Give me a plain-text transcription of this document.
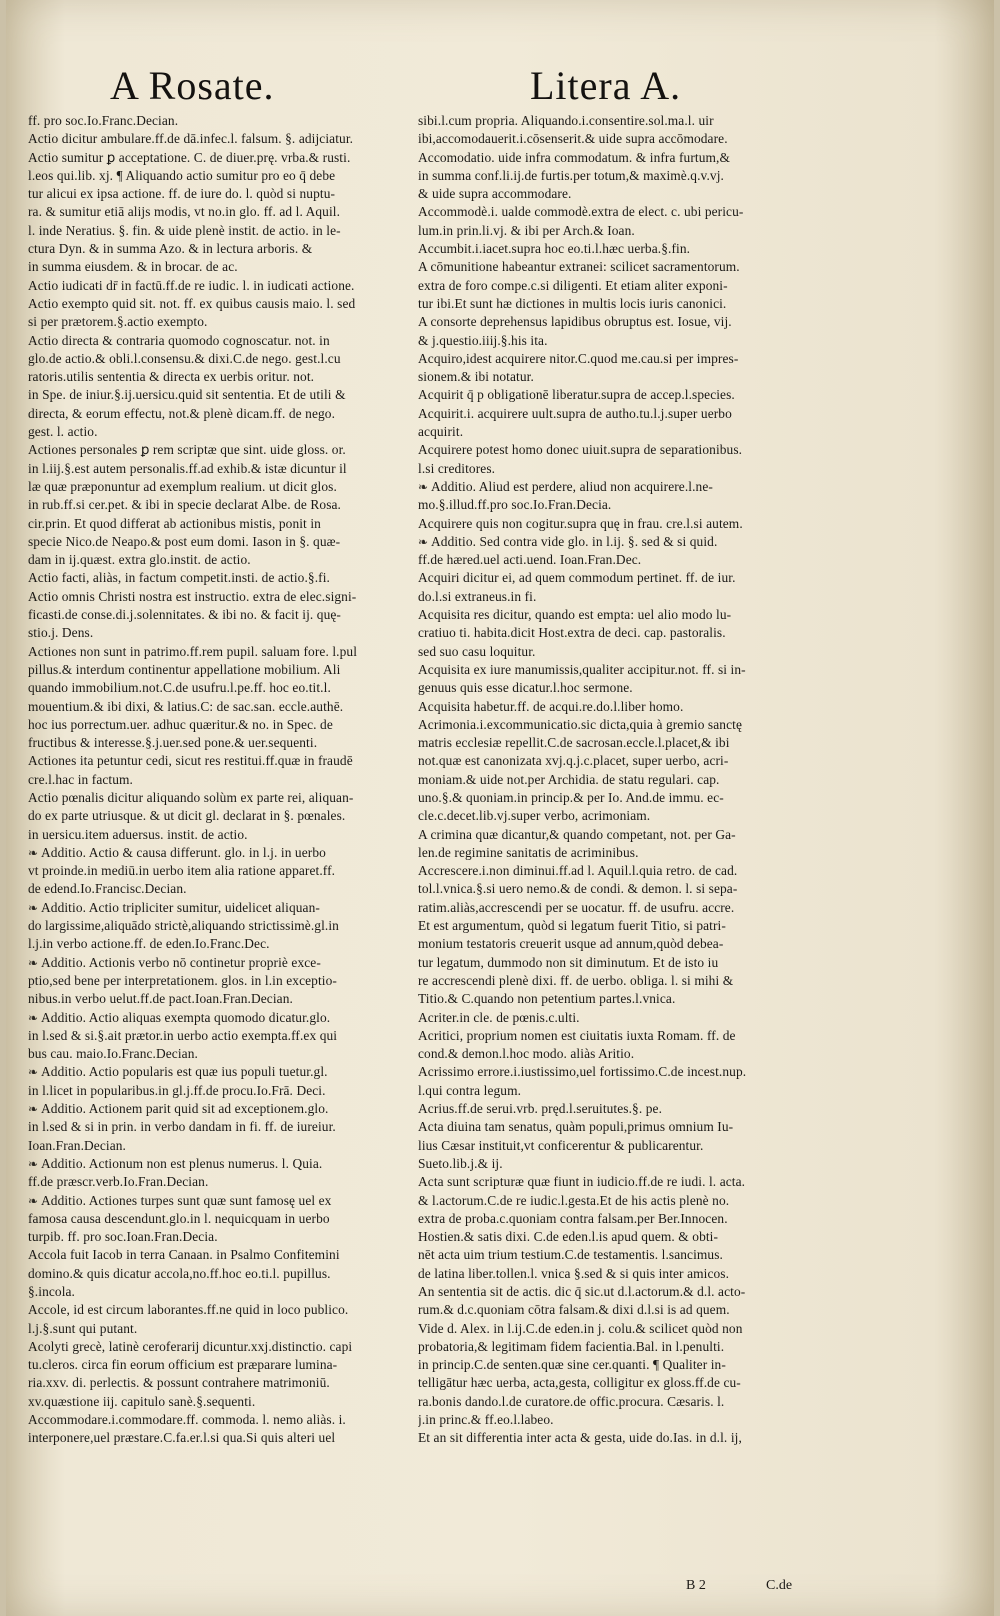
A Rosate.	Litera A.
ff. pro soc.Io.Franc.Decian.
Actio dicitur ambulare.ff.de dā.infec.l. falsum. §. adijciatur.
Actio sumitur ꝑ acceptatione. C. de diuer.prę. vrba.& rusti.
l.eos qui.lib. xj. ¶ Aliquando actio sumitur pro eo q̄ debe
tur alicui ex ipsa actione. ff. de iure do. l. quòd si nuptu-
ra. & sumitur etiā alijs modis, vt no.in glo. ff. ad l. Aquil.
l. inde Neratius. §. fin. & uide plenè instit. de actio. in le-
ctura Dyn. & in summa Azo. & in lectura arboris. &
in summa eiusdem. & in brocar. de ac.
Actio iudicati dr̄ in factū.ff.de re iudic. l. in iudicati actione.
Actio exempto quid sit. not. ff. ex quibus causis maio. l. sed
si per prætorem.§.actio exempto.
Actio directa & contraria quomodo cognoscatur. not. in
glo.de actio.& obli.l.consensu.& dixi.C.de nego. gest.l.cu
ratoris.utilis sententia & directa ex uerbis oritur. not.
in Spe. de iniur.§.ij.uersicu.quid sit sententia. Et de utili &
directa, & eorum effectu, not.& plenè dicam.ff. de nego.
gest. l. actio.
Actiones personales ꝑ rem scriptæ que sint. uide gloss. or.
in l.iij.§.est autem personalis.ff.ad exhib.& istæ dicuntur il
læ quæ præponuntur ad exemplum realium. ut dicit glos.
in rub.ff.si cer.pet. & ibi in specie declarat Albe. de Rosa.
cir.prin. Et quod differat ab actionibus mistis, ponit in
specie Nico.de Neapo.& post eum domi. Iason in §. quæ-
dam in ij.quæst. extra glo.instit. de actio.
Actio facti, aliàs, in factum competit.insti. de actio.§.fi.
Actio omnis Christi nostra est instructio. extra de elec.signi-
ficasti.de conse.di.j.solennitates. & ibi no. & facit ij. quę-
stio.j. Dens.
Actiones non sunt in patrimo.ff.rem pupil. saluam fore. l.pul
pillus.& interdum continentur appellatione mobilium. Ali
quando immobilium.not.C.de usufru.l.pe.ff. hoc eo.tit.l.
mouentium.& ibi dixi, & latius.C: de sac.san. eccle.authē.
hoc ius porrectum.uer. adhuc quæritur.& no. in Spec. de
fructibus & interesse.§.j.uer.sed pone.& uer.sequenti.
Actiones ita petuntur cedi, sicut res restitui.ff.quæ in fraudē
cre.l.hac in factum.
Actio pœnalis dicitur aliquando solùm ex parte rei, aliquan-
do ex parte utriusque. & ut dicit gl. declarat in §. pœnales.
in uersicu.item aduersus. instit. de actio.
❧ Additio. Actio & causa differunt. glo. in l.j. in uerbo
vt proinde.in mediū.in uerbo item alia ratione apparet.ff.
de edend.Io.Francisc.Decian.
❧ Additio. Actio tripliciter sumitur, uidelicet aliquan-
do largissime,aliquādo strictè,aliquando strictissimè.gl.in
l.j.in verbo actione.ff. de eden.Io.Franc.Dec.
❧ Additio. Actionis verbo nō continetur propriè exce-
ptio,sed bene per interpretationem. glos. in l.in exceptio-
nibus.in verbo uelut.ff.de pact.Ioan.Fran.Decian.
❧ Additio. Actio aliquas exempta quomodo dicatur.glo.
in l.sed & si.§.ait prætor.in uerbo actio exempta.ff.ex qui
bus cau. maio.Io.Franc.Decian.
❧ Additio. Actio popularis est quæ ius populi tuetur.gl.
in l.licet in popularibus.in gl.j.ff.de procu.Io.Frā. Deci.
❧ Additio. Actionem parit quid sit ad exceptionem.glo.
in l.sed & si in prin. in verbo dandam in fi. ff. de iureiur.
Ioan.Fran.Decian.
❧ Additio. Actionum non est plenus numerus. l. Quia.
ff.de præscr.verb.Io.Fran.Decian.
❧ Additio. Actiones turpes sunt quæ sunt famosę uel ex
famosa causa descendunt.glo.in l. nequicquam in uerbo
turpib. ff. pro soc.Ioan.Fran.Decia.
Accola fuit Iacob in terra Canaan. in Psalmo Confitemini
domino.& quis dicatur accola,no.ff.hoc eo.ti.l. pupillus.
§.incola.
Accole, id est circum laborantes.ff.ne quid in loco publico.
l.j.§.sunt qui putant.
Acolyti grecè, latinè ceroferarij dicuntur.xxj.distinctio. capi
tu.cleros. circa fin eorum officium est præparare lumina-
ria.xxv. di. perlectis. & possunt contrahere matrimoniū.
xv.quæstione iij. capitulo sanè.§.sequenti.
Accommodare.i.commodare.ff. commoda. l. nemo aliàs. i.
interponere,uel præstare.C.fa.er.l.si qua.Si quis alteri uel
sibi.l.cum propria. Aliquando.i.consentire.sol.ma.l. uir
ibi,accomodauerit.i.cōsenserit.& uide supra accōmodare.
Accomodatio. uide infra commodatum. & infra furtum,&
in summa conf.li.ij.de furtis.per totum,& maximè.q.v.vj.
& uide supra accommodare.
Accommodè.i. ualde commodè.extra de elect. c. ubi pericu-
lum.in prin.li.vj. & ibi per Arch.& Ioan.
Accumbit.i.iacet.supra hoc eo.ti.l.hæc uerba.§.fin.
A cōmunitione habeantur extranei: scilicet sacramentorum.
extra de foro compe.c.si diligenti. Et etiam aliter exponi-
tur ibi.Et sunt hæ dictiones in multis locis iuris canonici.
A consorte deprehensus lapidibus obruptus est. Iosue, vij.
& j.questio.iiij.§.his ita.
Acquiro,idest acquirere nitor.C.quod me.cau.si per impres-
sionem.& ibi notatur.
Acquirit q̄ p obligationē liberatur.supra de accep.l.species.
Acquirit.i. acquirere uult.supra de autho.tu.l.j.super uerbo
acquirit.
Acquirere potest homo donec uiuit.supra de separationibus.
l.si creditores.
❧ Additio. Aliud est perdere, aliud non acquirere.l.ne-
mo.§.illud.ff.pro soc.Io.Fran.Decia.
Acquirere quis non cogitur.supra quę in frau. cre.l.si autem.
❧ Additio. Sed contra vide glo. in l.ij. §. sed & si quid.
ff.de hæred.uel acti.uend. Ioan.Fran.Dec.
Acquiri dicitur ei, ad quem commodum pertinet. ff. de iur.
do.l.si extraneus.in fi.
Acquisita res dicitur, quando est empta: uel alio modo lu-
cratiuo ti. habita.dicit Host.extra de deci. cap. pastoralis.
sed suo casu loquitur.
Acquisita ex iure manumissis,qualiter accipitur.not. ff. si in-
genuus quis esse dicatur.l.hoc sermone.
Acquisita habetur.ff. de acqui.re.do.l.liber homo.
Acrimonia.i.excommunicatio.sic dicta,quia à gremio sanctę
matris ecclesiæ repellit.C.de sacrosan.eccle.l.placet,& ibi
not.quæ est canonizata xvj.q.j.c.placet, super uerbo, acri-
moniam.& uide not.per Archidia. de statu regulari. cap.
uno.§.& quoniam.in princip.& per Io. And.de immu. ec-
cle.c.decet.lib.vj.super verbo, acrimoniam.
A crimina quæ dicantur,& quando competant, not. per Ga-
len.de regimine sanitatis de acriminibus.
Accrescere.i.non diminui.ff.ad l. Aquil.l.quia retro. de cad.
tol.l.vnica.§.si uero nemo.& de condi. & demon. l. si sepa-
ratim.aliàs,accrescendi per se uocatur. ff. de usufru. accre.
Et est argumentum, quòd si legatum fuerit Titio, si patri-
monium testatoris creuerit usque ad annum,quòd debea-
tur legatum, dummodo non sit diminutum. Et de isto iu
re accrescendi plenè dixi. ff. de uerbo. obliga. l. si mihi &
Titio.& C.quando non petentium partes.l.vnica.
Acriter.in cle. de pœnis.c.ulti.
Acritici, proprium nomen est ciuitatis iuxta Romam. ff. de
cond.& demon.l.hoc modo. aliàs Aritio.
Acrissimo errore.i.iustissimo,uel fortissimo.C.de incest.nup.
l.qui contra legum.
Acrius.ff.de serui.vrb. pręd.l.seruitutes.§. pe.
Acta diuina tam senatus, quàm populi,primus omnium Iu-
lius Cæsar instituit,vt conficerentur & publicarentur.
Sueto.lib.j.& ij.
Acta sunt scripturæ quæ fiunt in iudicio.ff.de re iudi. l. acta.
& l.actorum.C.de re iudic.l.gesta.Et de his actis plenè no.
extra de proba.c.quoniam contra falsam.per Ber.Innocen.
Hostien.& satis dixi. C.de eden.l.is apud quem. & obti-
nēt acta uim trium testium.C.de testamentis. l.sancimus.
de latina liber.tollen.l. vnica §.sed & si quis inter amicos.
An sententia sit de actis. dic q̄ sic.ut d.l.actorum.& d.l. acto-
rum.& d.c.quoniam cōtra falsam.& dixi d.l.si is ad quem.
Vide d. Alex. in l.ij.C.de eden.in j. colu.& scilicet quòd non
probatoria,& legitimam fidem facientia.Bal. in l.penulti.
in princip.C.de senten.quæ sine cer.quanti. ¶ Qualiter in-
telligātur hæc uerba, acta,gesta, colligitur ex gloss.ff.de cu-
ra.bonis dando.l.de curatore.de offic.procura. Cæsaris. l.
j.in princ.& ff.eo.l.labeo.
Et an sit differentia inter acta & gesta, uide do.Ias. in d.l. ij,
B 2	C.de
